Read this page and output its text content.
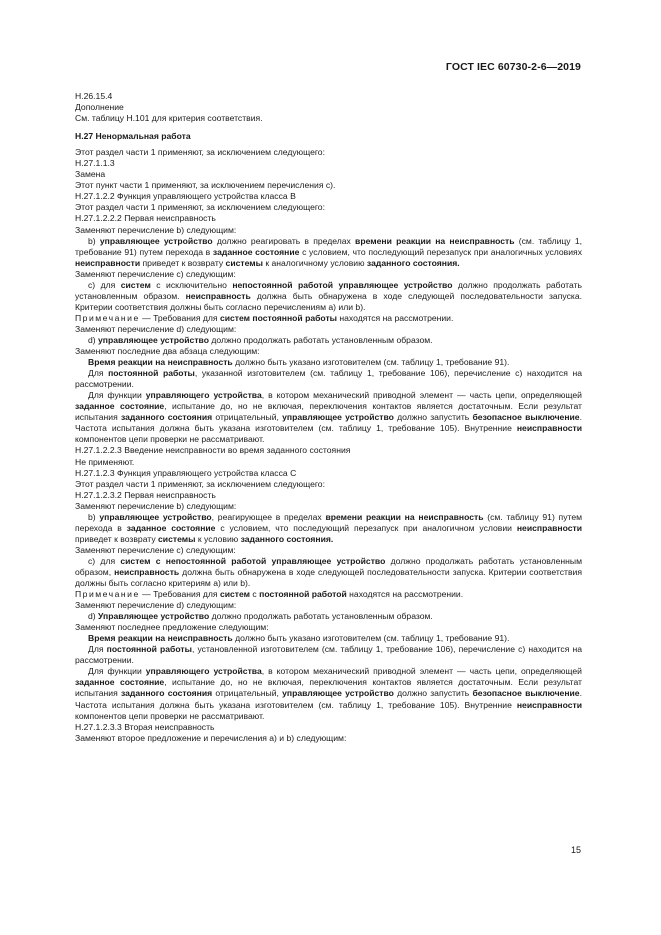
ГОСТ IEC 60730-2-6—2019

H.26.15.4

Дополнение

См. таблицу H.101 для критерия соответствия.

H.27 Ненормальная работа

Этот раздел части 1 применяют, за исключением следующего:

H.27.1.1.3

Замена

Этот пункт части 1 применяют, за исключением перечисления c).

H.27.1.2.2 Функция управляющего устройства класса B

Этот раздел части 1 применяют, за исключением следующего:

H.27.1.2.2.2 Первая неисправность

Заменяют перечисление b) следующим:

b) управляющее устройство должно реагировать в пределах времени реакции на неисправность (см. таблицу 1, требование 91) путем перехода в заданное состояние с условием, что последующий перезапуск при аналогичных условиях неисправности приведет к возврату системы к аналогичному условию заданного состояния.

Заменяют перечисление c) следующим:

c) для систем с исключительно непостоянной работой управляющее устройство должно продолжать работать установленным образом. неисправность должна быть обнаружена в ходе следующей последовательности запуска. Критерии соответствия должны быть согласно перечислениям а) или b).

Примечание — Требования для систем постоянной работы находятся на рассмотрении.

Заменяют перечисление d) следующим:

d) управляющее устройство должно продолжать работать установленным образом.

Заменяют последние два абзаца следующим:

Время реакции на неисправность должно быть указано изготовителем (см. таблицу 1, требование 91).

Для постоянной работы, указанной изготовителем (см. таблицу 1, требование 106), перечисление c) находится на рассмотрении.

Для функции управляющего устройства, в котором механический приводной элемент — часть цепи, определяющей заданное состояние, испытание до, но не включая, переключения контактов является достаточным. Если результат испытания заданного состояния отрицательный, управляющее устройство должно запустить безопасное выключение. Частота испытания должна быть указана изготовителем (см. таблицу 1, требование 105). Внутренние неисправности компонентов цепи проверки не рассматривают.

H.27.1.2.2.3 Введение неисправности во время заданного состояния

Не применяют.

H.27.1.2.3 Функция управляющего устройства класса C

Этот раздел части 1 применяют, за исключением следующего:

H.27.1.2.3.2 Первая неисправность

Заменяют перечисление b) следующим:

b) управляющее устройство, реагирующее в пределах времени реакции на неисправность (см. таблицу 91) путем перехода в заданное состояние с условием, что последующий перезапуск при аналогичном условии неисправности приведет к возврату системы к условию заданного состояния.

Заменяют перечисление c) следующим:

c) для систем с непостоянной работой управляющее устройство должно продолжать работать установленным образом, неисправность должна быть обнаружена в ходе следующей последовательности запуска. Критерии соответствия должны быть согласно критериям а) или b).

Примечание — Требования для систем с постоянной работой находятся на рассмотрении.

Заменяют перечисление d) следующим:

d) Управляющее устройство должно продолжать работать установленным образом.

Заменяют последнее предложение следующим:

Время реакции на неисправность должно быть указано изготовителем (см. таблицу 1, требование 91).

Для постоянной работы, установленной изготовителем (см. таблицу 1, требование 106), перечисление c) находится на рассмотрении.

Для функции управляющего устройства, в котором механический приводной элемент — часть цепи, определяющей заданное состояние, испытание до, но не включая, переключения контактов является достаточным. Если результат испытания заданного состояния отрицательный, управляющее устройство должно запустить безопасное выключение. Частота испытания должна быть указана изготовителем (см. таблицу 1, требование 105). Внутренние неисправности компонентов цепи проверки не рассматривают.

H.27.1.2.3.3 Вторая неисправность

Заменяют второе предложение и перечисления а) и b) следующим:

15
